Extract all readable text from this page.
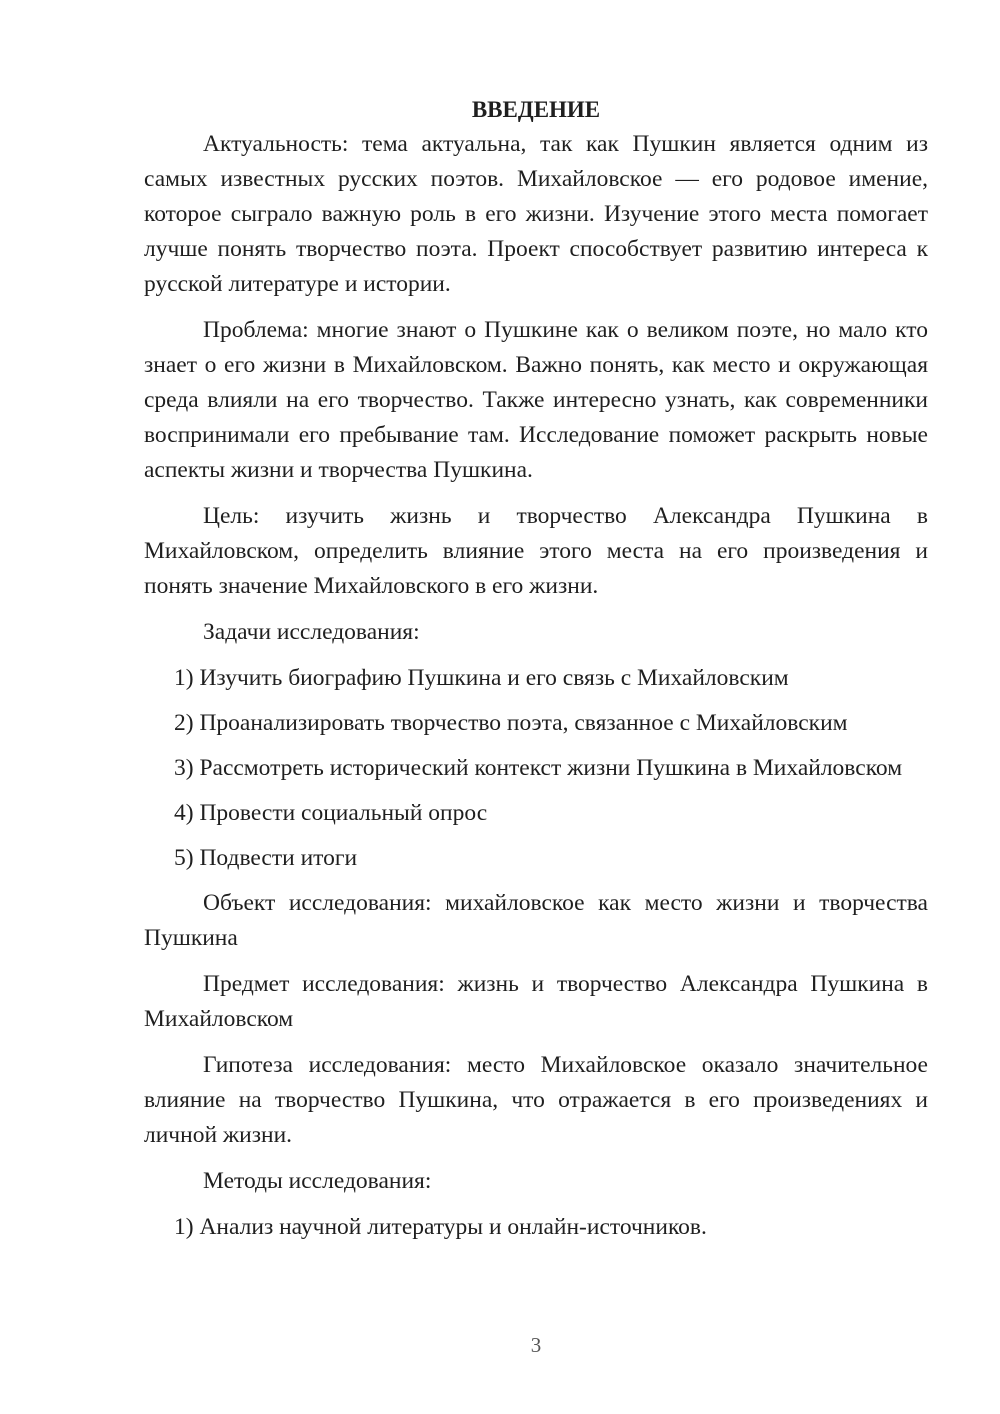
ВВЕДЕНИЕ

Актуальность: тема актуальна, так как Пушкин является одним из самых известных русских поэтов. Михайловское — его родовое имение, которое сыграло важную роль в его жизни. Изучение этого места помогает лучше понять творчество поэта. Проект способствует развитию интереса к русской литературе и истории.

Проблема: многие знают о Пушкине как о великом поэте, но мало кто знает о его жизни в Михайловском. Важно понять, как место и окружающая среда влияли на его творчество. Также интересно узнать, как современники воспринимали его пребывание там. Исследование поможет раскрыть новые аспекты жизни и творчества Пушкина.

Цель: изучить жизнь и творчество Александра Пушкина в Михайловском, определить влияние этого места на его произведения и понять значение Михайловского в его жизни.

Задачи исследования:

1) Изучить биографию Пушкина и его связь с Михайловским

2) Проанализировать творчество поэта, связанное с Михайловским

3) Рассмотреть исторический контекст жизни Пушкина в Михайловском

4) Провести социальный опрос

5) Подвести итоги

Объект исследования: михайловское как место жизни и творчества Пушкина

Предмет исследования: жизнь и творчество Александра Пушкина в Михайловском

Гипотеза исследования: место Михайловское оказало значительное влияние на творчество Пушкина, что отражается в его произведениях и личной жизни.

Методы исследования:

1) Анализ научной литературы и онлайн-источников.

3
